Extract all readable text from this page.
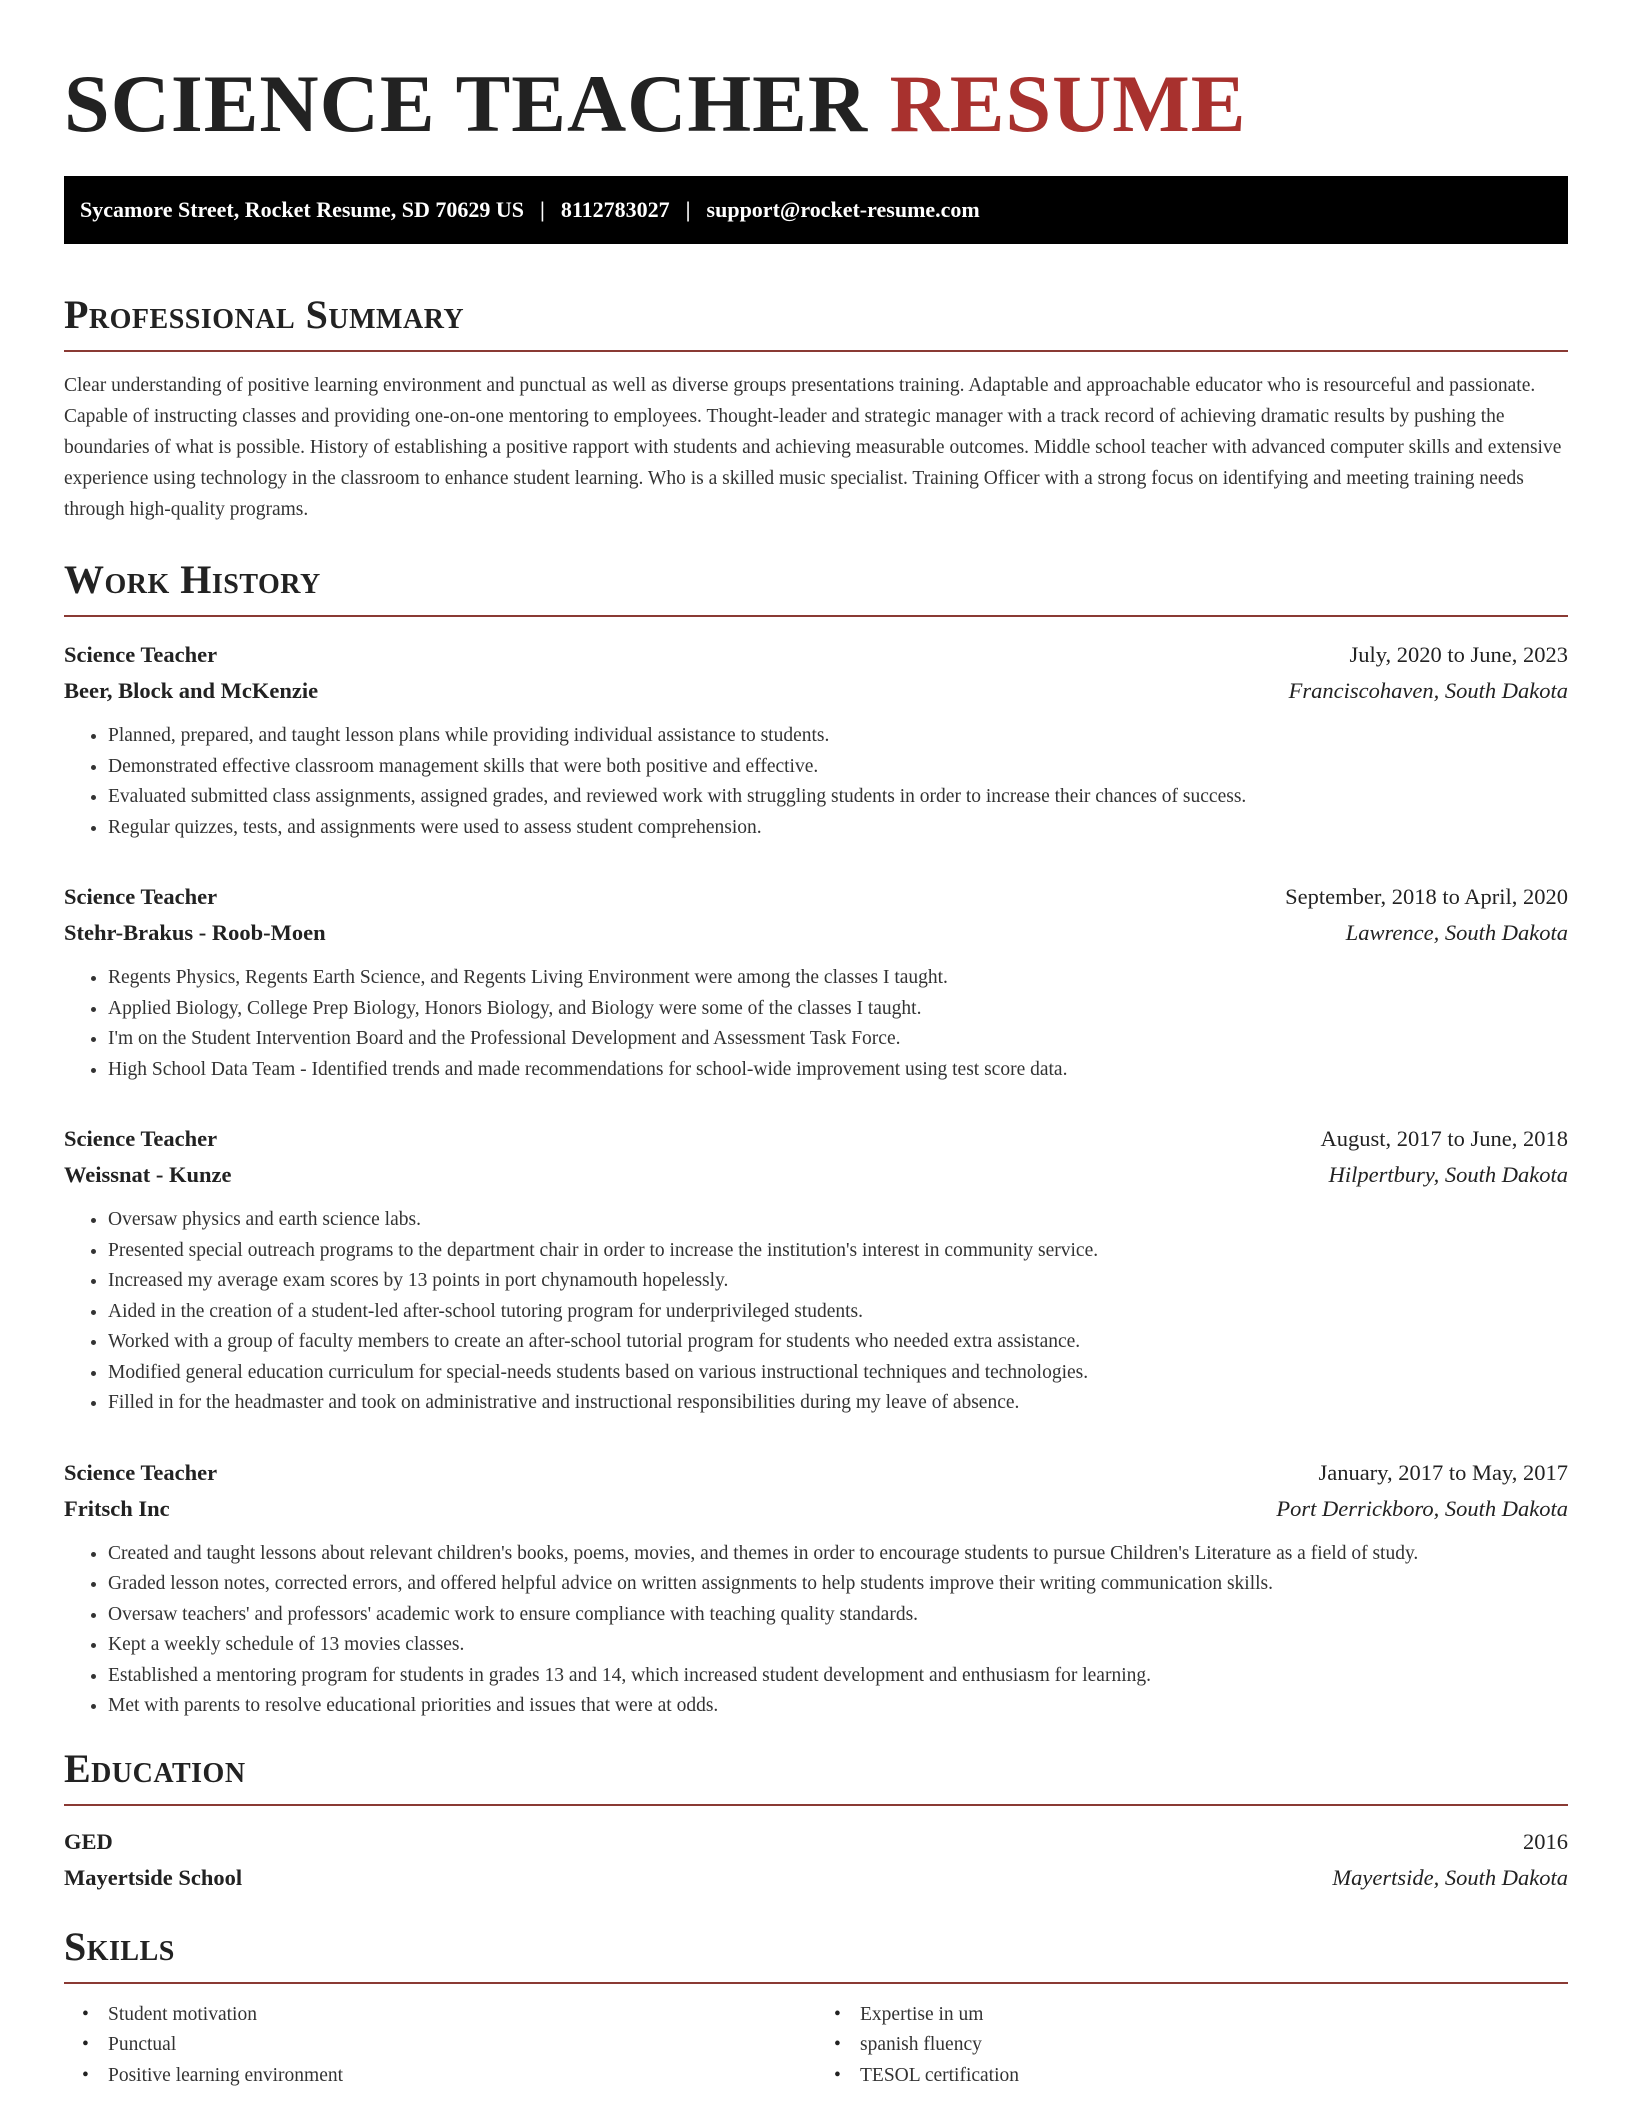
SCIENCE TEACHER RESUME
Sycamore Street, Rocket Resume, SD 70629 US | 8112783027 | support@rocket-resume.com
Professional Summary
Clear understanding of positive learning environment and punctual as well as diverse groups presentations training. Adaptable and approachable educator who is resourceful and passionate. Capable of instructing classes and providing one-on-one mentoring to employees. Thought-leader and strategic manager with a track record of achieving dramatic results by pushing the boundaries of what is possible. History of establishing a positive rapport with students and achieving measurable outcomes. Middle school teacher with advanced computer skills and extensive experience using technology in the classroom to enhance student learning. Who is a skilled music specialist. Training Officer with a strong focus on identifying and meeting training needs through high-quality programs.
Work History
Science Teacher	July, 2020 to June, 2023
Beer, Block and McKenzie	Franciscohaven, South Dakota
• Planned, prepared, and taught lesson plans while providing individual assistance to students.
• Demonstrated effective classroom management skills that were both positive and effective.
• Evaluated submitted class assignments, assigned grades, and reviewed work with struggling students in order to increase their chances of success.
• Regular quizzes, tests, and assignments were used to assess student comprehension.
Science Teacher	September, 2018 to April, 2020
Stehr-Brakus - Roob-Moen	Lawrence, South Dakota
• Regents Physics, Regents Earth Science, and Regents Living Environment were among the classes I taught.
• Applied Biology, College Prep Biology, Honors Biology, and Biology were some of the classes I taught.
• I'm on the Student Intervention Board and the Professional Development and Assessment Task Force.
• High School Data Team - Identified trends and made recommendations for school-wide improvement using test score data.
Science Teacher	August, 2017 to June, 2018
Weissnat - Kunze	Hilpertbury, South Dakota
• Oversaw physics and earth science labs.
• Presented special outreach programs to the department chair in order to increase the institution's interest in community service.
• Increased my average exam scores by 13 points in port chynamouth hopelessly.
• Aided in the creation of a student-led after-school tutoring program for underprivileged students.
• Worked with a group of faculty members to create an after-school tutorial program for students who needed extra assistance.
• Modified general education curriculum for special-needs students based on various instructional techniques and technologies.
• Filled in for the headmaster and took on administrative and instructional responsibilities during my leave of absence.
Science Teacher	January, 2017 to May, 2017
Fritsch Inc	Port Derrickboro, South Dakota
• Created and taught lessons about relevant children's books, poems, movies, and themes in order to encourage students to pursue Children's Literature as a field of study.
• Graded lesson notes, corrected errors, and offered helpful advice on written assignments to help students improve their writing communication skills.
• Oversaw teachers' and professors' academic work to ensure compliance with teaching quality standards.
• Kept a weekly schedule of 13 movies classes.
• Established a mentoring program for students in grades 13 and 14, which increased student development and enthusiasm for learning.
• Met with parents to resolve educational priorities and issues that were at odds.
Education
GED	2016
Mayertside School	Mayertside, South Dakota
Skills
• Student motivation
• Punctual
• Positive learning environment
• Expertise in um
• spanish fluency
• TESOL certification
